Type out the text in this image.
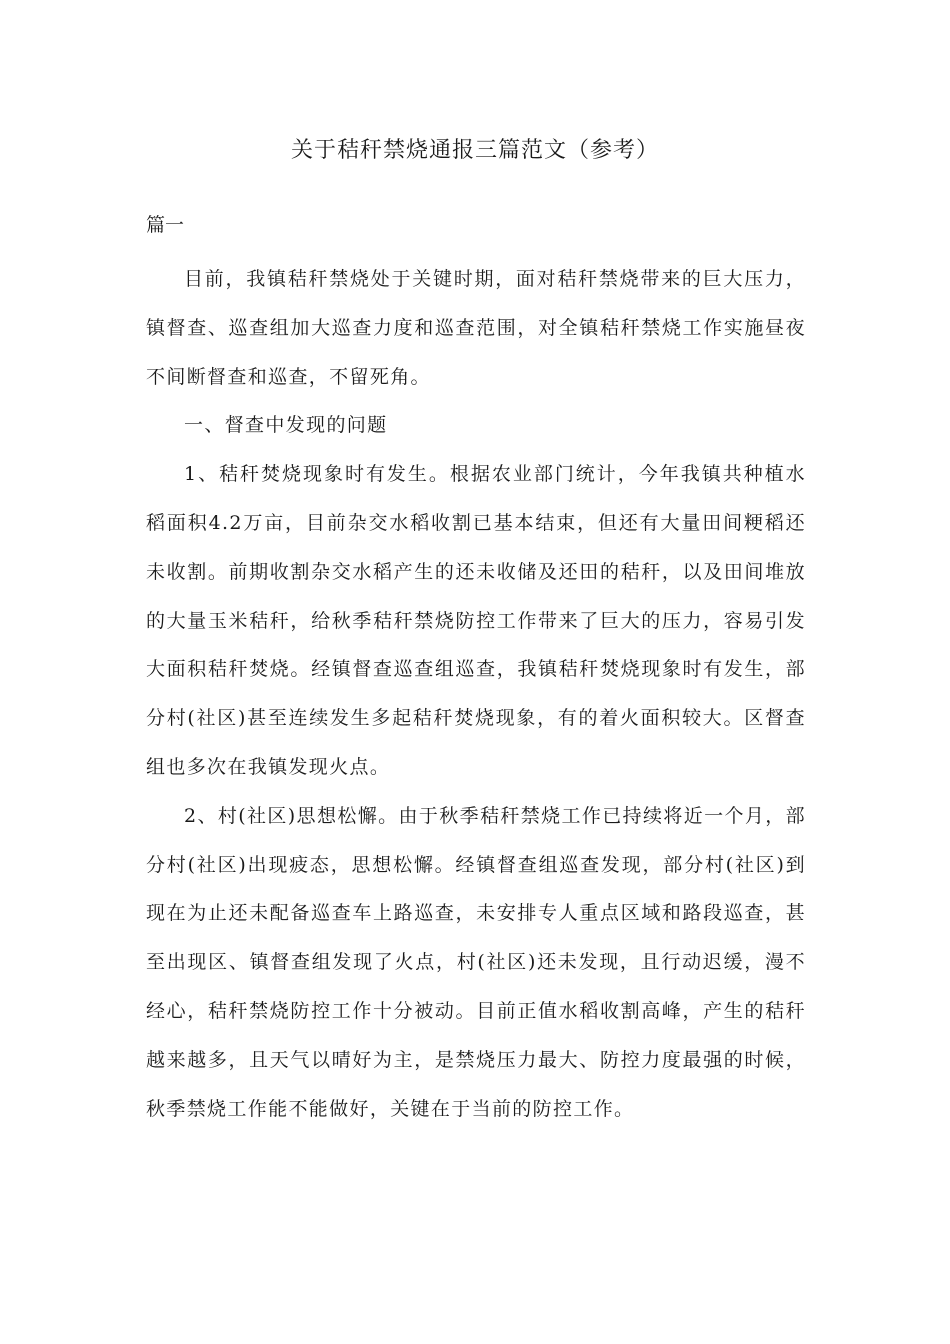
关于秸秆禁烧通报三篇范文（参考）
篇一

目前，我镇秸秆禁烧处于关键时期，面对秸秆禁烧带来的巨大压力，镇督查、巡查组加大巡查力度和巡查范围，对全镇秸秆禁烧工作实施昼夜不间断督查和巡查，不留死角。

一、督查中发现的问题

1、秸秆焚烧现象时有发生。根据农业部门统计，今年我镇共种植水稻面积4.2万亩，目前杂交水稻收割已基本结束，但还有大量田间粳稻还未收割。前期收割杂交水稻产生的还未收储及还田的秸秆，以及田间堆放的大量玉米秸秆，给秋季秸秆禁烧防控工作带来了巨大的压力，容易引发大面积秸秆焚烧。经镇督查巡查组巡查，我镇秸秆焚烧现象时有发生，部分村(社区)甚至连续发生多起秸秆焚烧现象，有的着火面积较大。区督查组也多次在我镇发现火点。

2、村(社区)思想松懈。由于秋季秸秆禁烧工作已持续将近一个月，部分村(社区)出现疲态，思想松懈。经镇督查组巡查发现，部分村(社区)到现在为止还未配备巡查车上路巡查，未安排专人重点区域和路段巡查，甚至出现区、镇督查组发现了火点，村(社区)还未发现，且行动迟缓，漫不经心，秸秆禁烧防控工作十分被动。目前正值水稻收割高峰，产生的秸秆越来越多，且天气以晴好为主，是禁烧压力最大、防控力度最强的时候，秋季禁烧工作能不能做好，关键在于当前的防控工作。
